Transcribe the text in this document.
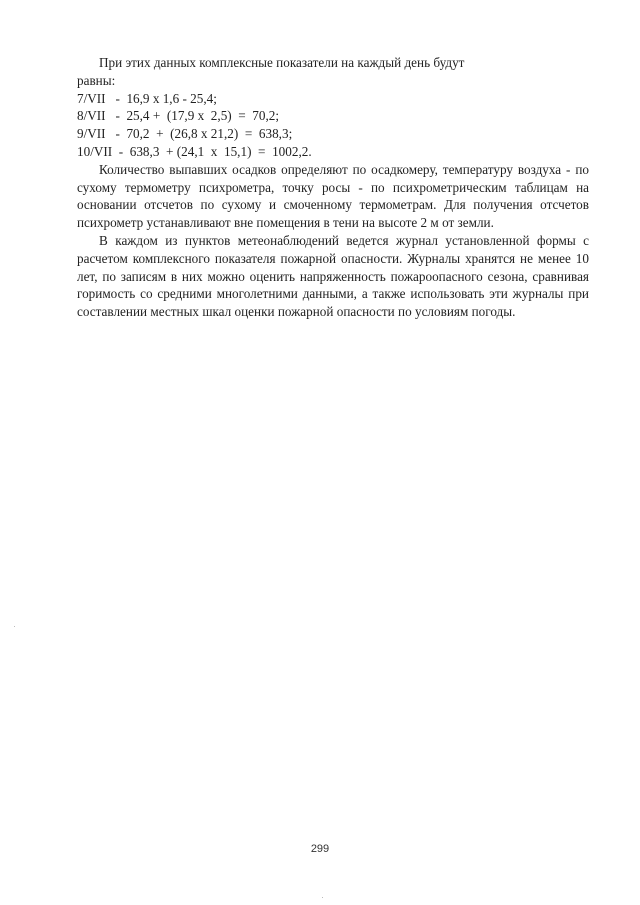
При этих данных комплексные показатели на каждый день будут

равны:

7/VII   -  16,9 х 1,6 - 25,4;
8/VII   -  25,4 +  (17,9 х  2,5)  =  70,2;
9/VII   -  70,2  +  (26,8 х 21,2)  =  638,3;
10/VII  -  638,3  + (24,1  х  15,1)  =  1002,2.

Количество выпавших осадков определяют по осадкомеру, температуру воздуха - по сухому термометру психрометра, точку росы - по психрометрическим таблицам на основании отсчетов по сухому и смоченному термометрам. Для получения отсчетов психрометр устанавливают вне помещения в тени на высоте 2 м от земли.

В каждом из пунктов метеонаблюдений ведется журнал установленной формы с расчетом комплексного показателя пожарной опасности. Журналы хранятся не менее 10 лет, по записям в них можно оценить напряженность пожароопасного сезона, сравнивая горимость со средними многолетними данными, а также использовать эти журналы при составлении местных шкал оценки пожарной опасности по условиям погоды.

299
